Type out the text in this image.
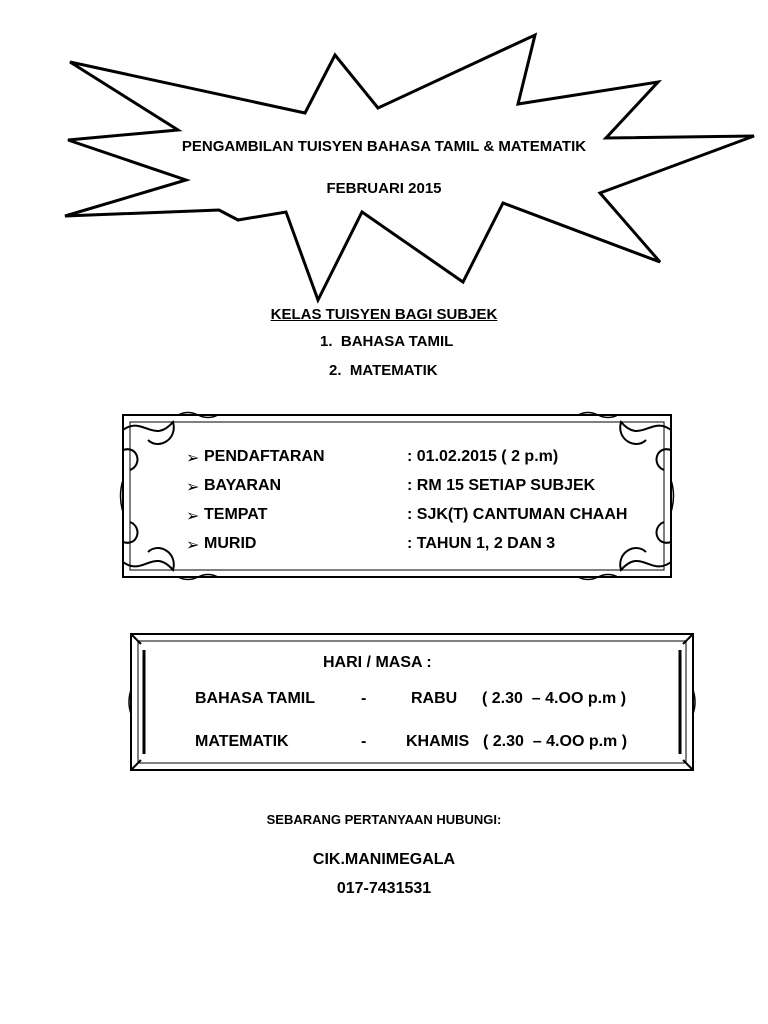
PENGAMBILAN TUISYEN BAHASA TAMIL & MATEMATIK
FEBRUARI 2015
KELAS TUISYEN BAGI SUBJEK
1. BAHASA TAMIL
2. MATEMATIK
➢ PENDAFTARAN	: 01.02.2015 ( 2 p.m)
➢ BAYARAN	: RM 15 SETIAP SUBJEK
➢ TEMPAT	: SJK(T) CANTUMAN CHAAH
➢ MURID	: TAHUN 1, 2 DAN 3
HARI / MASA :
BAHASA TAMIL	-	RABU ( 2.30  – 4.OO p.m )
MATEMATIK	- KHAMIS ( 2.30  – 4.OO p.m )
SEBARANG PERTANYAAN HUBUNGI:
CIK.MANIMEGALA
017-7431531
